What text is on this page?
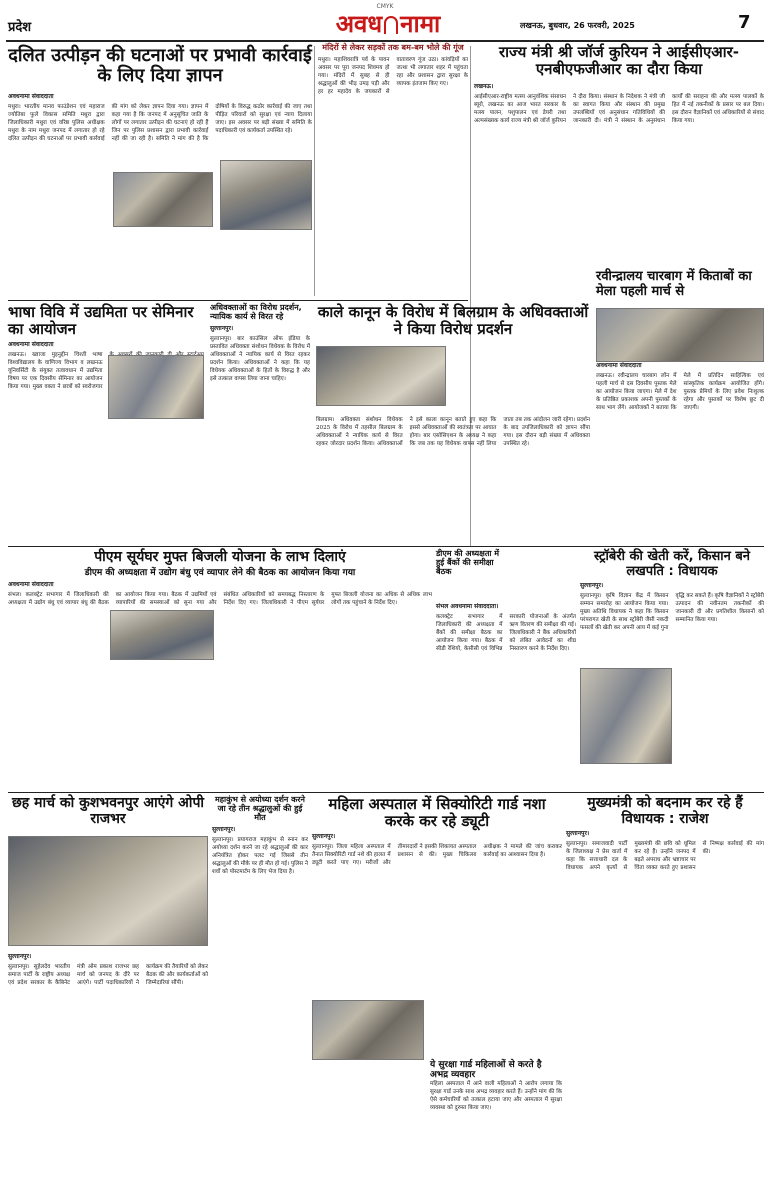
CMYK
प्रदेश	अवध नामा	लखनऊ, बुधवार, 26 फरवरी, 2025	7
दलित उत्पीड़न की घटनाओं पर प्रभावी कार्रवाई के लिए दिया ज्ञापन
अवधनामा संवाददाता
मथुरा। भारतीय मानव फाउंडेशन एवं महाराज ज्योतिबा फुले विकास समिति मथुरा द्वारा जिलाधिकारी मथुरा एवं वरिष्ठ पुलिस अधीक्षक मथुरा के नाम मथुरा जनपद में लगातार हो रहे दलित उत्पीड़न की घटनाओं पर प्रभावी कार्रवाई की मांग को लेकर ज्ञापन दिया गया। ज्ञापन में कहा गया है कि जनपद में अनुसूचित जाति के लोगों पर लगातार उत्पीड़न की घटनाएं हो रही हैं जिन पर पुलिस प्रशासन द्वारा प्रभावी कार्रवाई नहीं की जा रही है। समिति ने मांग की है कि दोषियों के विरुद्ध कठोर कार्रवाई की जाए तथा पीड़ित परिवारों को सुरक्षा एवं न्याय दिलाया जाए। इस अवसर पर बड़ी संख्या में समिति के पदाधिकारी एवं कार्यकर्ता उपस्थित रहे।
मंदिरों से लेकर सड़कों तक बम-बम भोले की गूंज
मथुरा। महाशिवरात्रि पर्व के पावन अवसर पर पूरा जनपद शिवमय हो गया। मंदिरों में सुबह से ही श्रद्धालुओं की भीड़ उमड़ पड़ी और हर हर महादेव के जयकारों से वातावरण गूंज उठा। कांवड़ियों का जत्था भी लगातार शहर में पहुंचता रहा और प्रशासन द्वारा सुरक्षा के व्यापक इंतजाम किए गए।
राज्य मंत्री श्री जॉर्ज कुरियन ने आईसीएआर-एनबीएफजीआर का दौरा किया
लखनऊ।
आईसीएआर-राष्ट्रीय मत्स्य आनुवंशिक संसाधन ब्यूरो, लखनऊ का आज भारत सरकार के मत्स्य पालन, पशुपालन एवं डेयरी तथा अल्पसंख्यक कार्य राज्य मंत्री श्री जॉर्ज कुरियन ने दौरा किया। संस्थान के निदेशक ने मंत्री जी का स्वागत किया और संस्थान की प्रमुख उपलब्धियों एवं अनुसंधान गतिविधियों की जानकारी दी। मंत्री ने संस्थान के अनुसंधान कार्यों की सराहना की और मत्स्य पालकों के हित में नई तकनीकों के प्रसार पर बल दिया। इस दौरान वैज्ञानिकों एवं अधिकारियों से संवाद किया गया।
भाषा विवि में उद्यमिता पर सेमिनार का आयोजन
अवधनामा संवाददाता
लखनऊ। ख्वाजा मुइनुद्दीन चिश्ती भाषा विश्वविद्यालय के वाणिज्य विभाग व लखनऊ यूनिवर्सिटी के संयुक्त तत्वावधान में उद्यमिता विषय पर एक दिवसीय सेमिनार का आयोजन किया गया। मुख्य वक्ता ने छात्रों को स्वरोजगार
अधिवक्ताओं का विरोध प्रदर्शन, न्यायिक कार्य से विरत रहे
सुल्तानपुर।
सुल्तानपुर। बार काउंसिल ऑफ इंडिया के प्रस्तावित अधिवक्ता संशोधन विधेयक के विरोध में अधिवक्ताओं ने न्यायिक कार्य से विरत रहकर प्रदर्शन किया। अधिवक्ताओं ने कहा कि यह विधेयक अधिवक्ताओं के हितों के विरुद्ध है और इसे तत्काल वापस लिया जाना चाहिए।
काले कानून के विरोध में बिलग्राम के अधिवक्ताओं ने किया विरोध प्रदर्शन
बिलग्राम। अधिवक्ता संशोधन विधेयक 2025 के विरोध में तहसील बिलग्राम के अधिवक्ताओं ने न्यायिक कार्य से विरत रहकर जोरदार प्रदर्शन किया। अधिवक्ताओं ने इसे काला कानून बताते हुए कहा कि इससे अधिवक्ताओं की स्वतंत्रता पर आघात होगा। बार एसोसिएशन के अध्यक्ष ने कहा कि जब तक यह विधेयक वापस नहीं लिया जाता तब तक आंदोलन जारी रहेगा। प्रदर्शन के बाद उपजिलाधिकारी को ज्ञापन सौंपा गया। इस दौरान बड़ी संख्या में अधिवक्ता उपस्थित रहे।
रवीन्द्रालय चारबाग में किताबों का मेला पहली मार्च से
अवधनामा संवाददाता
लखनऊ। रवीन्द्रालय चारबाग लॉन में पहली मार्च से दस दिवसीय पुस्तक मेले का आयोजन किया जाएगा। मेले में देश के प्रतिष्ठित प्रकाशक अपनी पुस्तकों के साथ भाग लेंगे। आयोजकों ने बताया कि मेले में प्रतिदिन साहित्यिक एवं सांस्कृतिक कार्यक्रम आयोजित होंगे। पुस्तक प्रेमियों के लिए प्रवेश निःशुल्क रहेगा और पुस्तकों पर विशेष छूट दी जाएगी।
पीएम सूर्यघर मुफ्त बिजली योजना के लाभ दिलाएं
डीएम की अध्यक्षता में उद्योग बंधु एवं व्यापार लेने की बैठक का आयोजन किया गया
अवधनामा संवाददाता
संभल। कलक्ट्रेट सभागार में जिलाधिकारी की अध्यक्षता में उद्योग बंधु एवं व्यापार बंधु की बैठक का आयोजन किया गया। बैठक में उद्यमियों एवं व्यापारियों की समस्याओं को सुना गया और संबंधित अधिकारियों को समयबद्ध निस्तारण के निर्देश दिए गए। जिलाधिकारी ने पीएम सूर्यघर मुफ्त बिजली योजना का अधिक से अधिक लाभ लोगों तक पहुंचाने के निर्देश दिए।
डीएम की अध्यक्षता में हुई बैंकों की समीक्षा बैठक
संभल अवधनामा संवाददाता।
कलक्ट्रेट सभागार में जिलाधिकारी की अध्यक्षता में बैंकों की समीक्षा बैठक का आयोजन किया गया। बैठक में सीडी रेशियो, केसीसी एवं विभिन्न सरकारी योजनाओं के अंतर्गत ऋण वितरण की समीक्षा की गई। जिलाधिकारी ने बैंक अधिकारियों को लंबित आवेदनों का शीघ्र निस्तारण करने के निर्देश दिए।
स्ट्रॉबेरी की खेती करें, किसान बने लखपति : विधायक
सुल्तानपुर।
सुल्तानपुर। कृषि विज्ञान केंद्र में किसान सम्मान समारोह का आयोजन किया गया। मुख्य अतिथि विधायक ने कहा कि किसान परंपरागत खेती के साथ स्ट्रॉबेरी जैसी नकदी फसलों की खेती कर अपनी आय में कई गुना वृद्धि कर सकते हैं। कृषि वैज्ञानिकों ने स्ट्रॉबेरी उत्पादन की नवीनतम तकनीकों की जानकारी दी और प्रगतिशील किसानों को सम्मानित किया गया।
छह मार्च को कुशभवनपुर आएंगे ओपी राजभर
सुल्तानपुर।
सुल्तानपुर। सुहेलदेव भारतीय समाज पार्टी के राष्ट्रीय अध्यक्ष एवं प्रदेश सरकार के कैबिनेट मंत्री ओम प्रकाश राजभर छह मार्च को जनपद के दौरे पर आएंगे। पार्टी पदाधिकारियों ने कार्यक्रम की तैयारियों को लेकर बैठक की और कार्यकर्ताओं को जिम्मेदारियां सौंपी।
महाकुंभ से अयोध्या दर्शन करने जा रहे तीन श्रद्धालुओं की हुई मौत
सुल्तानपुर।
सुल्तानपुर। प्रयागराज महाकुंभ से स्नान कर अयोध्या दर्शन करने जा रहे श्रद्धालुओं की कार अनियंत्रित होकर पलट गई जिससे तीन श्रद्धालुओं की मौके पर ही मौत हो गई। पुलिस ने शवों को पोस्टमार्टम के लिए भेज दिया है।
महिला अस्पताल में सिक्योरिटी गार्ड नशा करके कर रहे ड्यूटी
सुल्तानपुर।
सुल्तानपुर। जिला महिला अस्पताल में तैनात सिक्योरिटी गार्ड नशे की हालत में ड्यूटी करते पाए गए। मरीजों और तीमारदारों ने इसकी शिकायत अस्पताल प्रशासन से की। मुख्य चिकित्सा अधीक्षक ने मामले की जांच कराकर कार्रवाई का आश्वासन दिया है।
ये सुरक्षा गार्ड महिलाओं से करते है अभद्र व्यवहार
महिला अस्पताल में आने वाली महिलाओं ने आरोप लगाया कि सुरक्षा गार्ड उनके साथ अभद्र व्यवहार करते हैं। उन्होंने मांग की कि ऐसे कर्मचारियों को तत्काल हटाया जाए और अस्पताल में सुरक्षा व्यवस्था को दुरुस्त किया जाए।
मुख्यमंत्री को बदनाम कर रहे हैं विधायक : राजेश
सुल्तानपुर।
सुल्तानपुर। समाजवादी पार्टी के जिलाध्यक्ष ने प्रेस वार्ता में कहा कि सत्ताधारी दल के विधायक अपने कृत्यों से मुख्यमंत्री की छवि को धूमिल कर रहे हैं। उन्होंने जनपद में बढ़ते अपराध और भ्रष्टाचार पर चिंता व्यक्त करते हुए प्रशासन से निष्पक्ष कार्रवाई की मांग की।
